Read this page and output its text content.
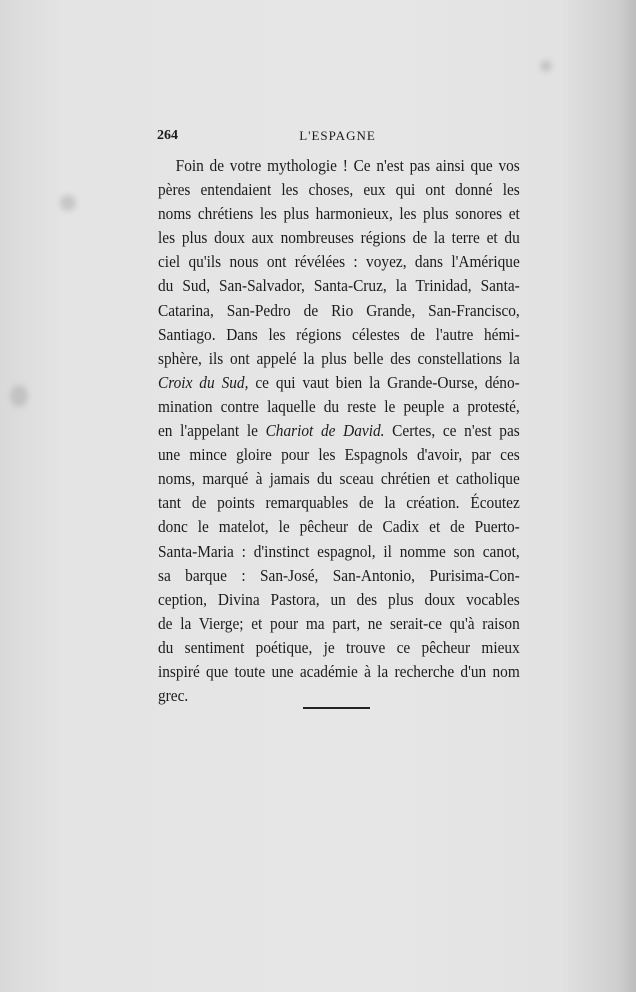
264	L'ESPAGNE
Foin de votre mythologie ! Ce n'est pas ainsi que vos
pères entendaient les choses, eux qui ont donné les
noms chrétiens les plus harmonieux, les plus sonores et
les plus doux aux nombreuses régions de la terre et du
ciel qu'ils nous ont révélées : voyez, dans l'Amérique
du Sud, San-Salvador, Santa-Cruz, la Trinidad, Santa-
Catarina, San-Pedro de Rio Grande, San-Francisco,
Santiago. Dans les régions célestes de l'autre hémi-
sphère, ils ont appelé la plus belle des constellations la
Croix du Sud, ce qui vaut bien la Grande-Ourse, déno-
mination contre laquelle du reste le peuple a protesté,
en l'appelant le Chariot de David. Certes, ce n'est pas
une mince gloire pour les Espagnols d'avoir, par ces
noms, marqué à jamais du sceau chrétien et catholique
tant de points remarquables de la création. Écoutez
donc le matelot, le pêcheur de Cadix et de Puerto-
Santa-Maria : d'instinct espagnol, il nomme son canot,
sa barque : San-José, San-Antonio, Purisima-Con-
ception, Divina Pastora, un des plus doux vocables
de la Vierge; et pour ma part, ne serait-ce qu'à raison
du sentiment poétique, je trouve ce pêcheur mieux
inspiré que toute une académie à la recherche d'un nom
grec.
